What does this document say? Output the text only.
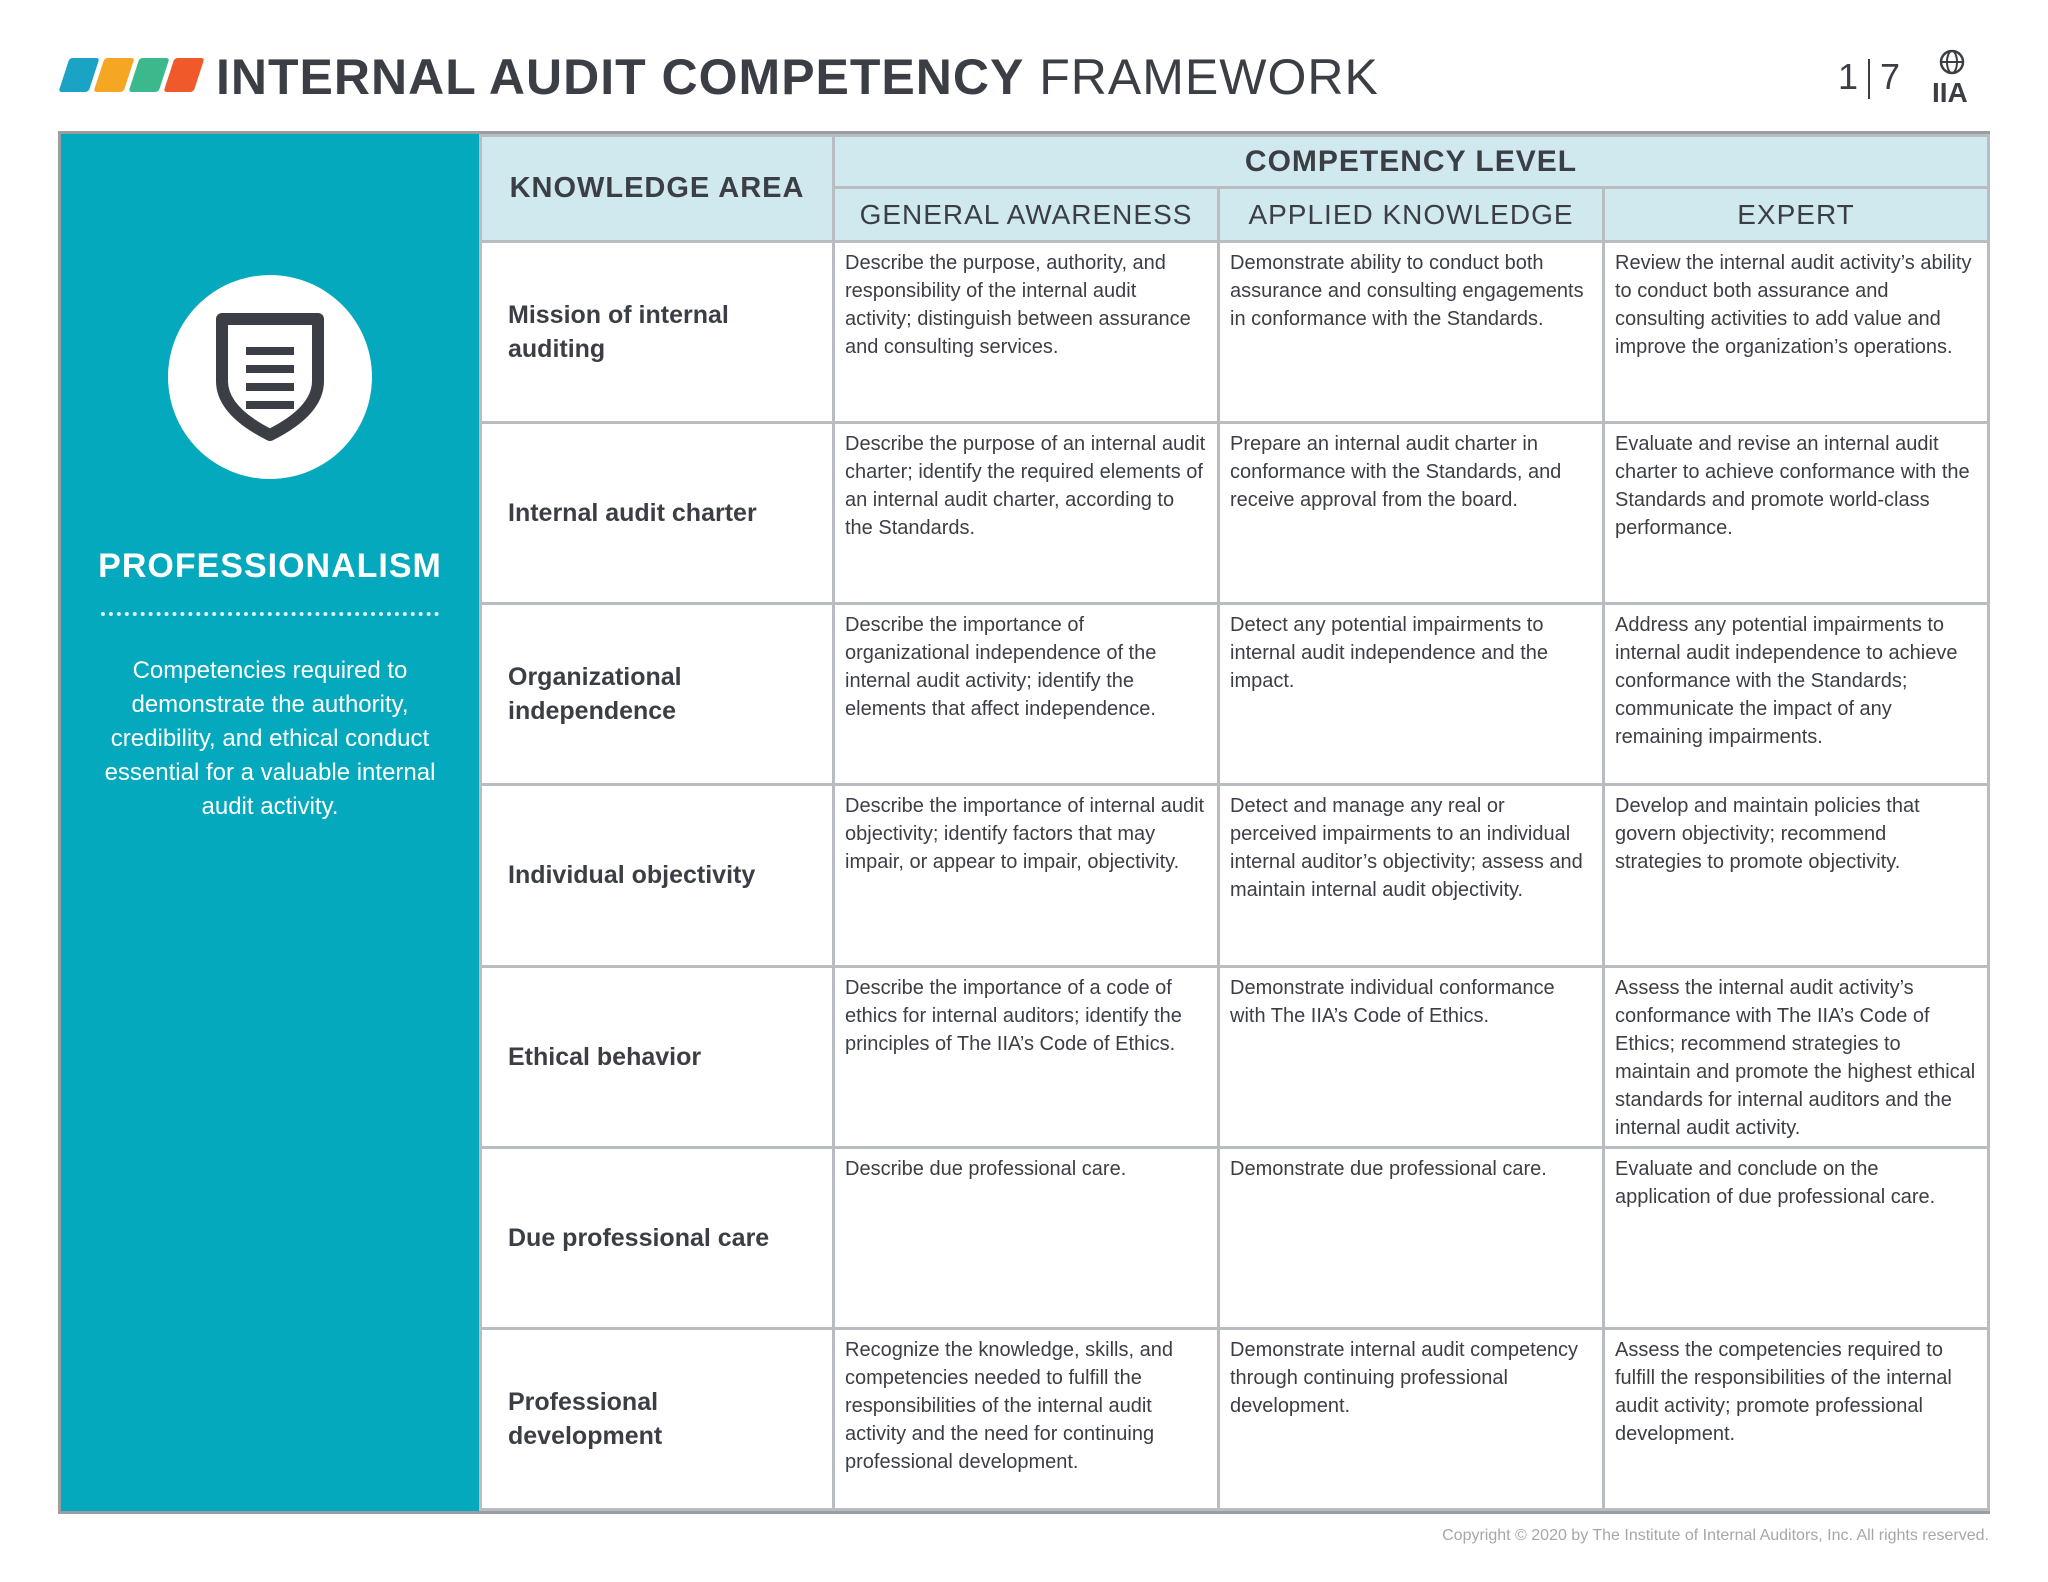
INTERNAL AUDIT COMPETENCY FRAMEWORK	1 7 IIA
PROFESSIONALISM
Competencies required to demonstrate the authority, credibility, and ethical conduct essential for a valuable internal audit activity.
KNOWLEDGE AREA	COMPETENCY LEVEL		
	GENERAL AWARENESS	APPLIED KNOWLEDGE	EXPERT
Mission of internal auditing	Describe the purpose, authority, and responsibility of the internal audit activity; distinguish between assurance and consulting services.	Demonstrate ability to conduct both assurance and consulting engagements in conformance with the Standards.	Review the internal audit activity’s ability to conduct both assurance and consulting activities to add value and improve the organization’s operations.
Internal audit charter	Describe the purpose of an internal audit charter; identify the required elements of an internal audit charter, according to the Standards.	Prepare an internal audit charter in conformance with the Standards, and receive approval from the board.	Evaluate and revise an internal audit charter to achieve conformance with the Standards and promote world-class performance.
Organizational independence	Describe the importance of organizational independence of the internal audit activity; identify the elements that affect independence.	Detect any potential impairments to internal audit independence and the impact.	Address any potential impairments to internal audit independence to achieve conformance with the Standards; communicate the impact of any remaining impairments.
Individual objectivity	Describe the importance of internal audit objectivity; identify factors that may impair, or appear to impair, objectivity.	Detect and manage any real or perceived impairments to an individual internal auditor’s objectivity; assess and maintain internal audit objectivity.	Develop and maintain policies that govern objectivity; recommend strategies to promote objectivity.
Ethical behavior	Describe the importance of a code of ethics for internal auditors; identify the principles of The IIA’s Code of Ethics.	Demonstrate individual conformance with The IIA’s Code of Ethics.	Assess the internal audit activity’s conformance with The IIA’s Code of Ethics; recommend strategies to maintain and promote the highest ethical standards for internal auditors and the internal audit activity.
Due professional care	Describe due professional care.	Demonstrate due professional care.	Evaluate and conclude on the application of due professional care.
Professional development	Recognize the knowledge, skills, and competencies needed to fulfill the responsibilities of the internal audit activity and the need for continuing professional development.	Demonstrate internal audit competency through continuing professional development.	Assess the competencies required to fulfill the responsibilities of the internal audit activity; promote professional development.
Copyright © 2020 by The Institute of Internal Auditors, Inc. All rights reserved.
